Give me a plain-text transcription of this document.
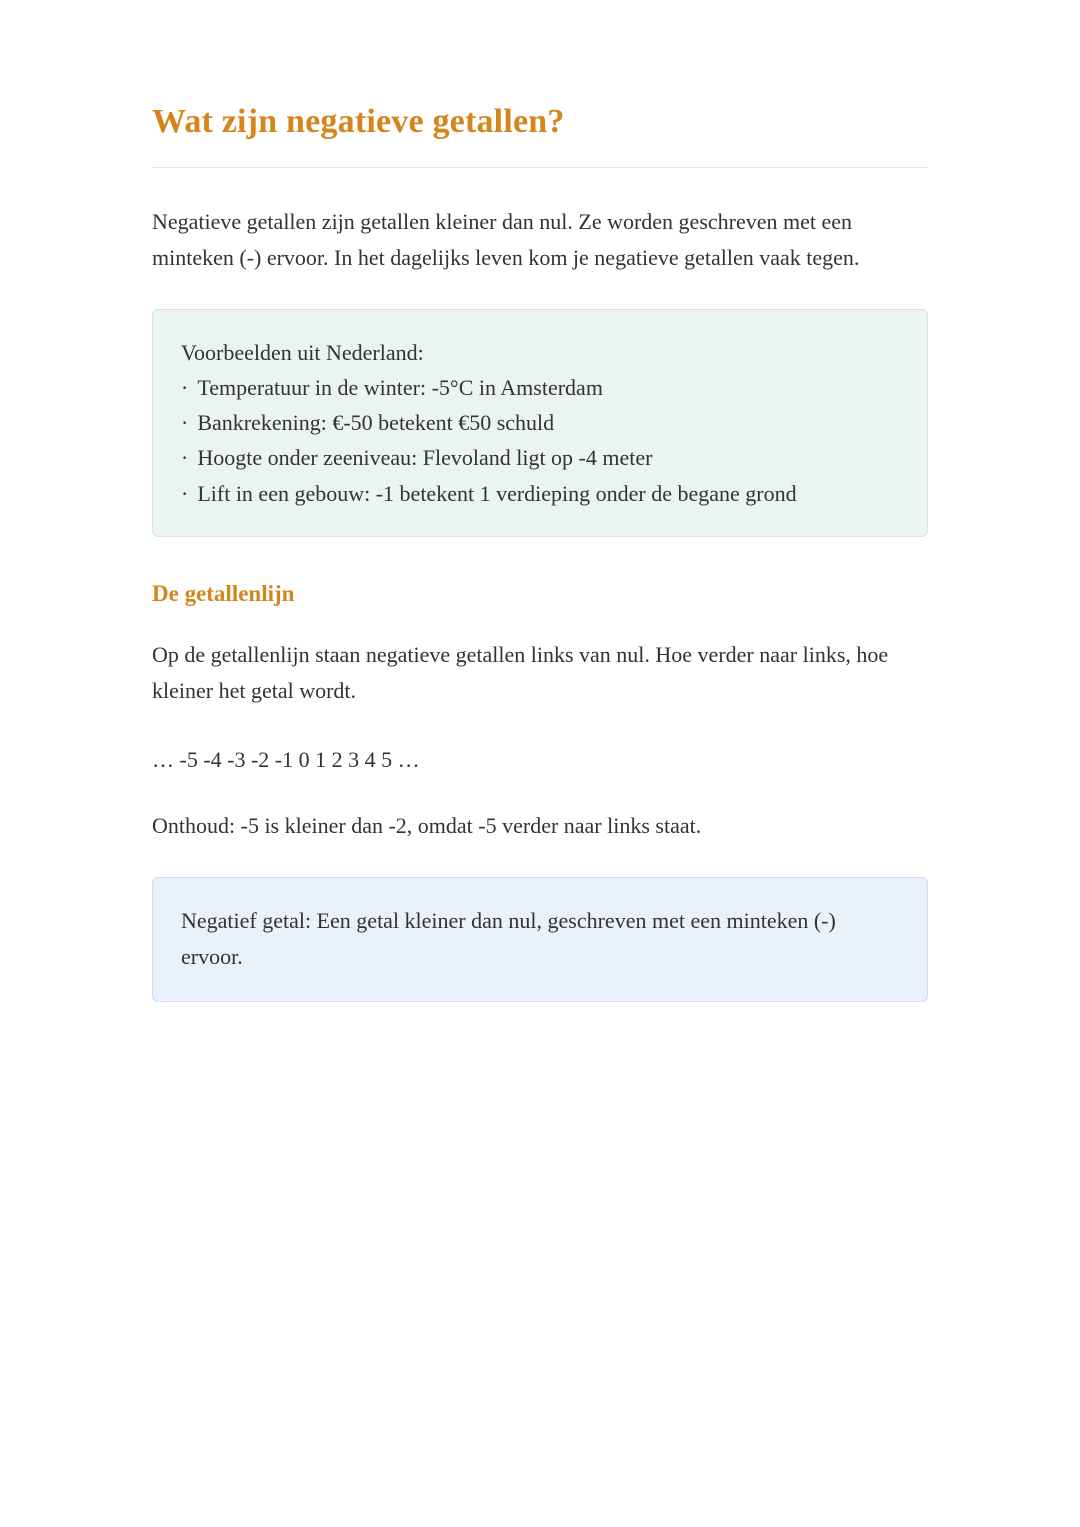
Wat zijn negatieve getallen?

Negatieve getallen zijn getallen kleiner dan nul. Ze worden geschreven met een minteken (-) ervoor. In het dagelijks leven kom je negatieve getallen vaak tegen.

Voorbeelden uit Nederland:

· Temperatuur in de winter: -5°C in Amsterdam
· Bankrekening: €-50 betekent €50 schuld
· Hoogte onder zeeniveau: Flevoland ligt op -4 meter
· Lift in een gebouw: -1 betekent 1 verdieping onder de begane grond
De getallenlijn

Op de getallenlijn staan negatieve getallen links van nul. Hoe verder naar links, hoe kleiner het getal wordt.

… -5 -4 -3 -2 -1 0 1 2 3 4 5 …

Onthoud: -5 is kleiner dan -2, omdat -5 verder naar links staat.

Negatief getal: Een getal kleiner dan nul, geschreven met een minteken (-) ervoor.
